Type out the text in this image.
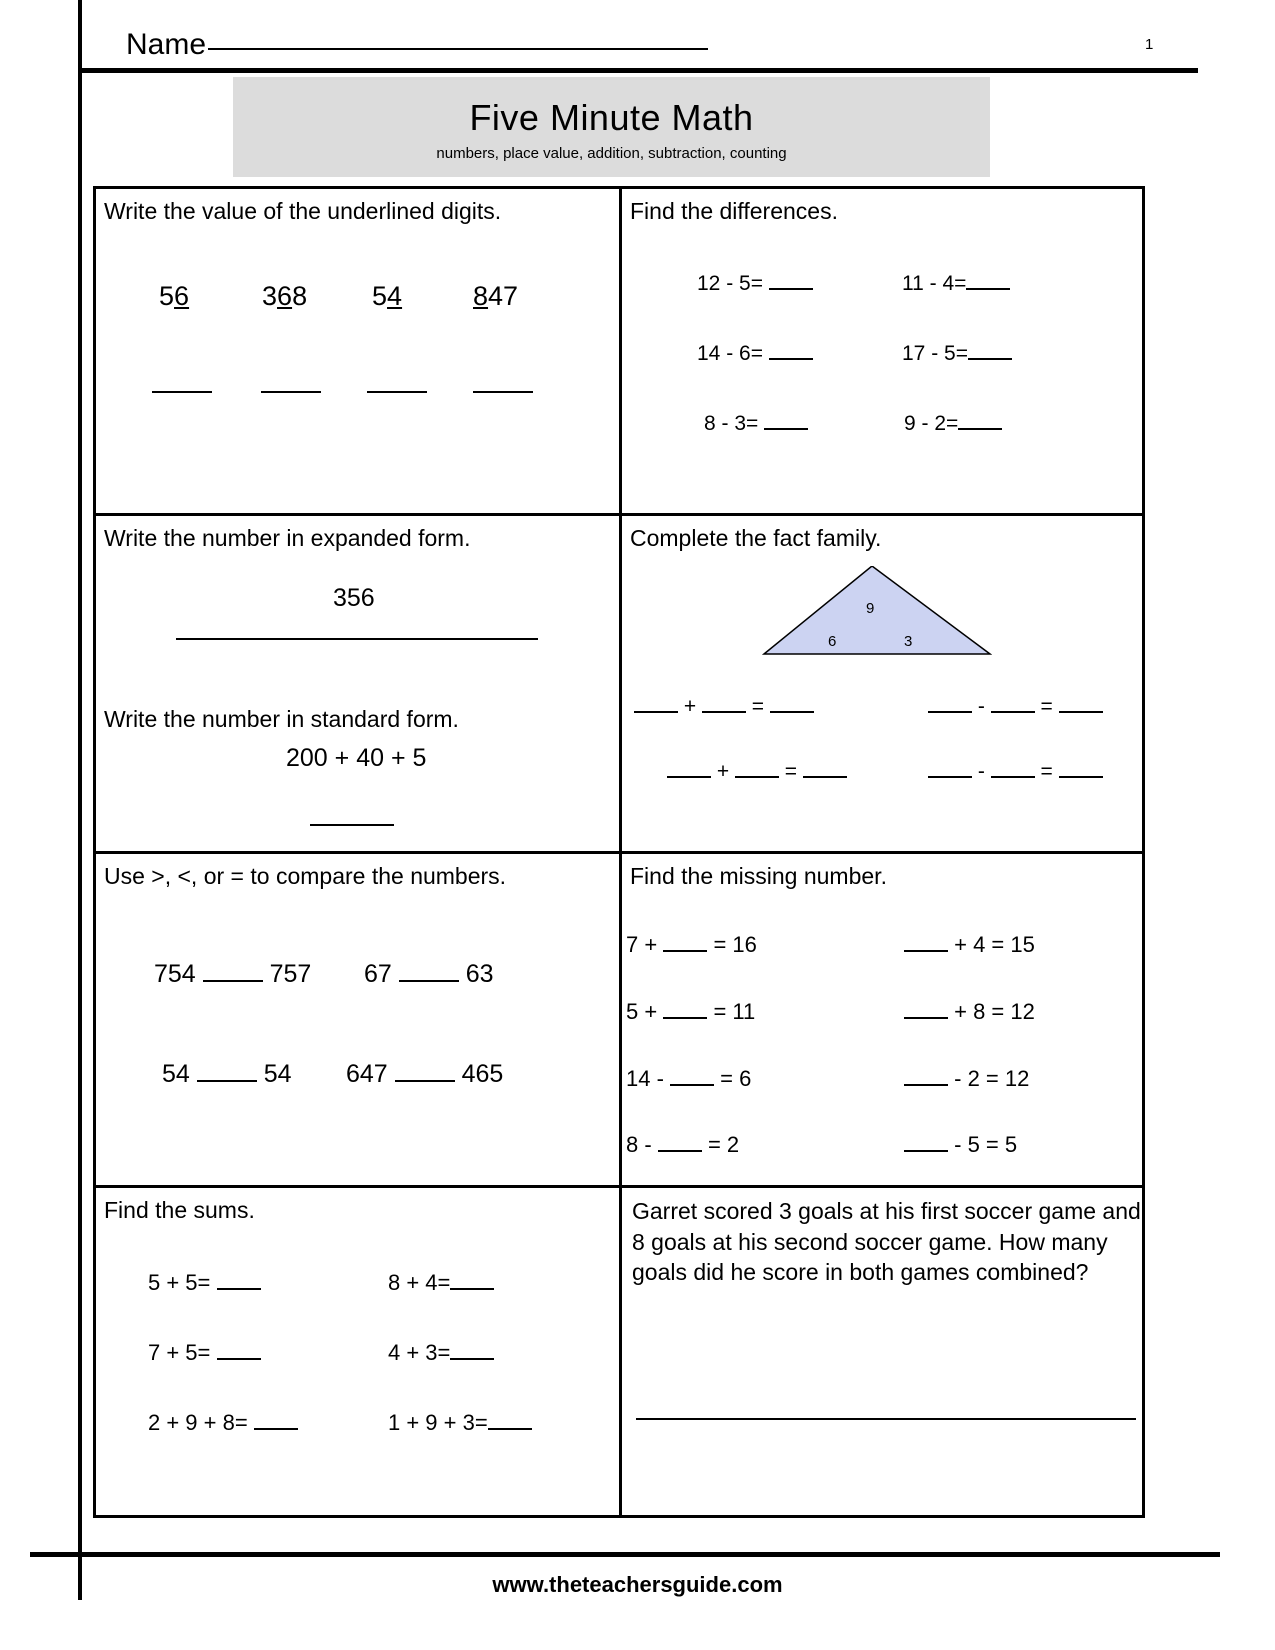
Name	1
Five Minute Math
numbers, place value, addition, subtraction, counting
Write the value of the underlined digits.
56	368 54	847
Find the differences.
12 - 5=	11 - 4=
14 - 6=	17 - 5=
8 - 3=	9 - 2=
Write the number in expanded form.
356
Write the number in standard form.
200 + 40 + 5
Complete the fact family.
9
6	3
+	=	-	=
+	=	-	=
Use >, <, or = to compare the numbers.
754	757 67	63
54	54 647	465
Find the missing number.
7 +	= 16	+ 4 = 15
5 +	= 11	+ 8 = 12
14 -	= 6	- 2 = 12
8 -	= 2	- 5 = 5
Find the sums.
5 + 5=	8 + 4=
7 + 5=	4 + 3=
2 + 9 + 8=	1 + 9 + 3=
Garret scored 3 goals at his first soccer game and 8 goals at his second soccer game. How many goals did he score in both games combined?
www.theteachersguide.com
